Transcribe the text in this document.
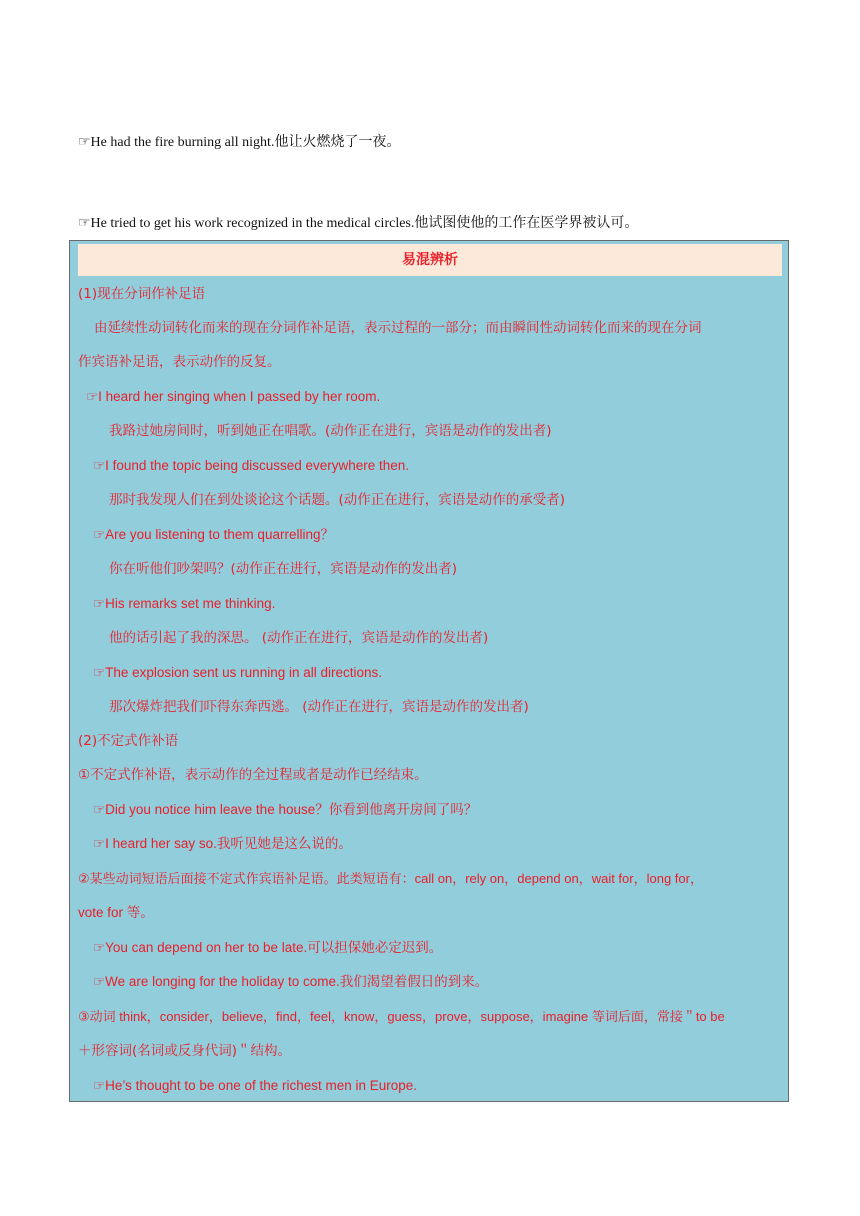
☞He had the fire burning all night.他让火燃烧了一夜。
☞He tried to get his work recognized in the medical circles.他试图使他的工作在医学界被认可。
易混辨析
(1)现在分词作补足语
由延续性动词转化而来的现在分词作补足语，表示过程的一部分；而由瞬间性动词转化而来的现在分词
作宾语补足语，表示动作的反复。
☞I heard her singing when I passed by her room.
我路过她房间时，听到她正在唱歌。(动作正在进行，宾语是动作的发出者)
☞I found the topic being discussed everywhere then.
那时我发现人们在到处谈论这个话题。(动作正在进行，宾语是动作的承受者)
☞Are you listening to them quarrelling？
你在听他们吵架吗？(动作正在进行，宾语是动作的发出者)
☞His remarks set me thinking.
他的话引起了我的深思。 (动作正在进行，宾语是动作的发出者)
☞The explosion sent us running in all directions.
那次爆炸把我们吓得东奔西逃。 (动作正在进行，宾语是动作的发出者)
(2)不定式作补语
①不定式作补语，表示动作的全过程或者是动作已经结束。
☞Did you notice him leave the house？你看到他离开房间了吗？
☞I heard her say so.我听见她是这么说的。
②某些动词短语后面接不定式作宾语补足语。此类短语有：call on，rely on，depend on，wait for，long for，
vote for 等。
☞You can depend on her to be late.可以担保她必定迟到。
☞We are longing for the holiday to come.我们渴望着假日的到来。
③动词 think，consider，believe，find，feel，know，guess，prove，suppose，imagine 等词后面，常接＂to be
＋形容词(名词或反身代词)＂结构。
☞He’s thought to be one of the richest men in Europe.
